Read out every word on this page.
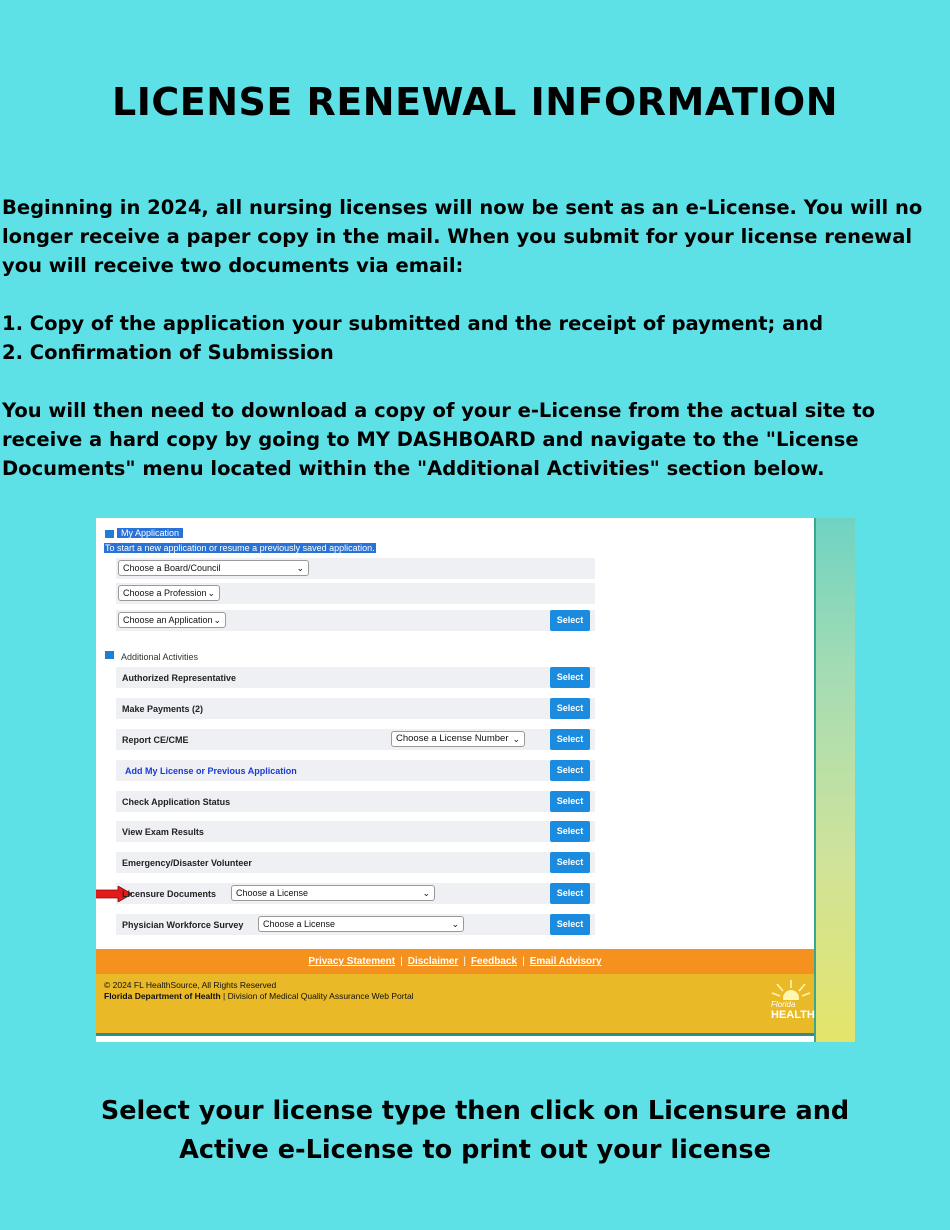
LICENSE RENEWAL INFORMATION

Beginning in 2024, all nursing licenses will now be sent as an e-License. You will no longer receive a paper copy in the mail. When you submit for your license renewal you will receive two documents via email:

1. Copy of the application your submitted and the receipt of payment; and

2. Confirmation of Submission

You will then need to download a copy of your e-License from the actual site to receive a hard copy by going to MY DASHBOARD and navigate to the "License Documents" menu located within the "Additional Activities" section below.

My Application
To start a new application or resume a previously saved application.
Choose a Board/Council	⌄
Choose a Profession ⌄
Choose an Application ⌄	Select
Additional Activities
Authorized Representative	Select
Make Payments (2)	Select
Report CE/CME	Choose a License Number ⌄	Select
Add My License or Previous Application	Select
Check Application Status	Select
View Exam Results	Select
Emergency/Disaster Volunteer	Select
Licensure Documents	Choose a License	⌄	Select
Physician Workforce Survey	Choose a License	⌄	Select
Privacy Statement | Disclaimer | Feedback | Email Advisory
© 2024 FL HealthSource, All Rights Reserved
Florida Department of Health | Division of Medical Quality Assurance Web Portal
Florida
HEALTH
Select your license type then click on Licensure and
Active e-License to print out your license
